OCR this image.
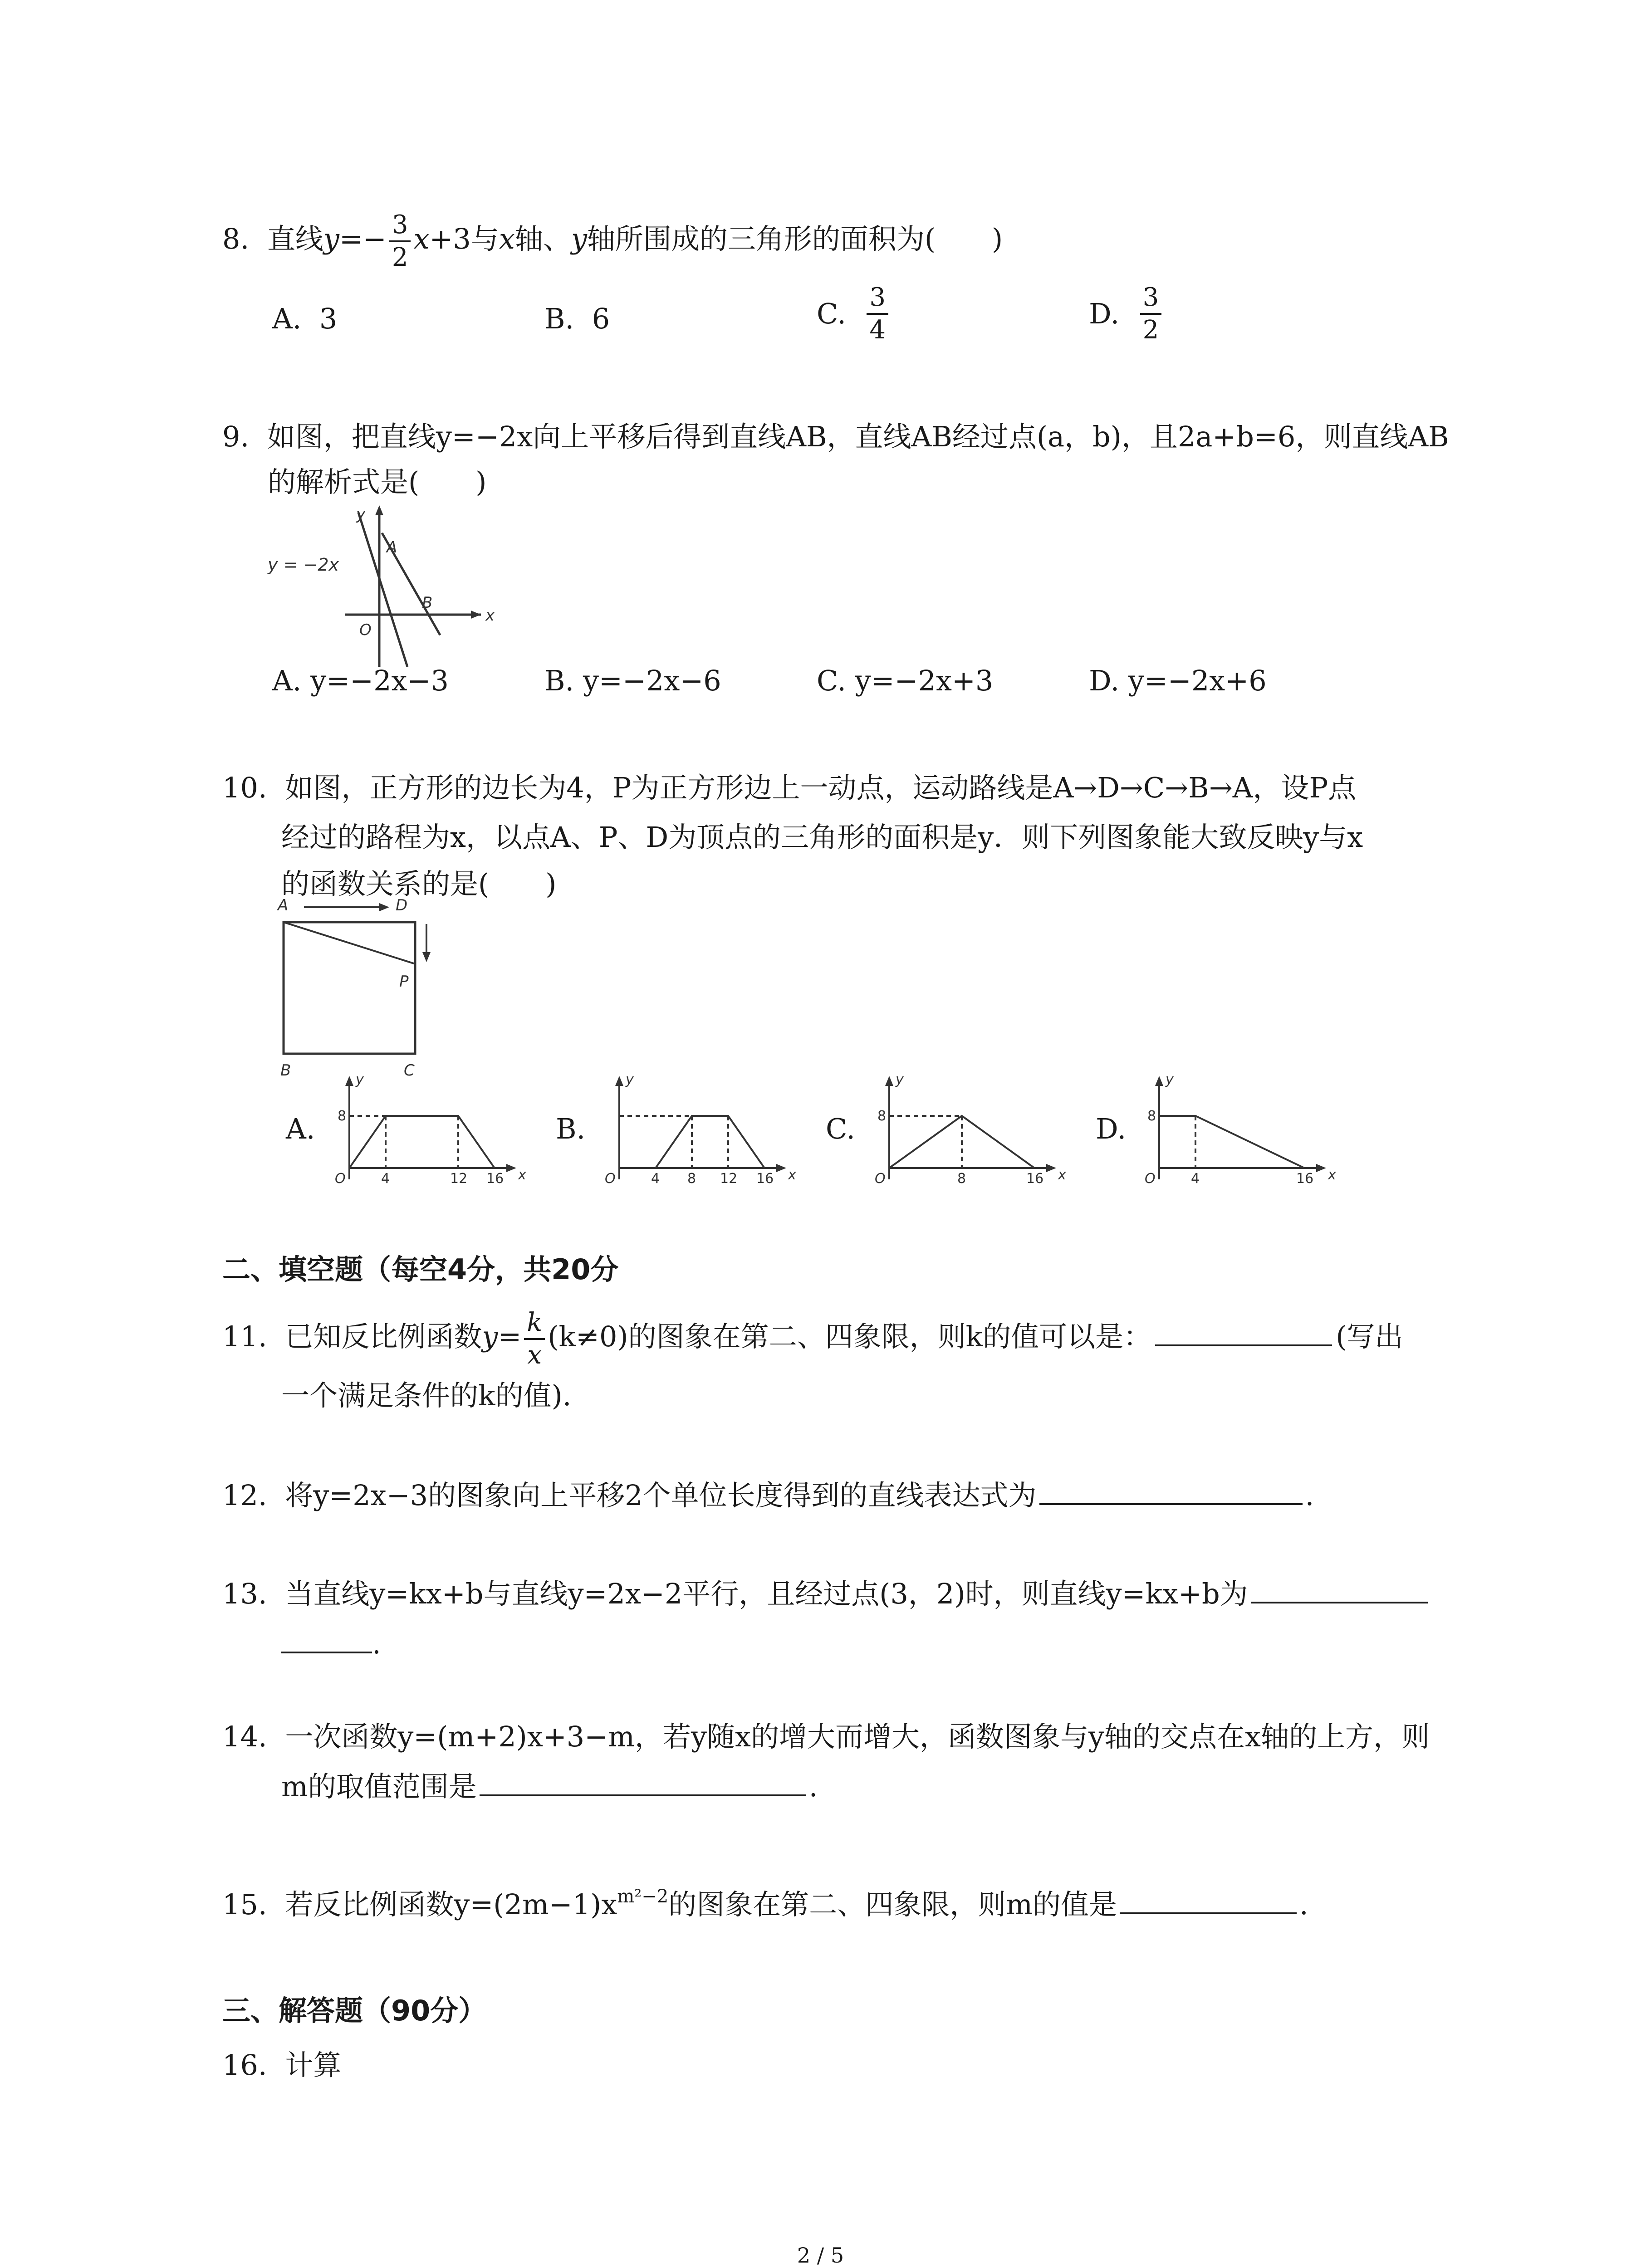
8. 直线$y=- \frac{3}{2} x+3$与x轴、y轴所围成的三角形的面积为(　　)
A. 3	B. 6	C. $\frac{3}{4}$	D. $\frac{3}{2}$
9. 如图，把直线y=−2x向上平移后得到直线AB，直线AB经过点(a，b)，且2a+b=6，则直线AB
的解析式是(　　)
y = −2x
y
x
O
A
B
A. y=−2x−3	B. y=−2x−6	C. y=−2x+3	D. y=−2x+6
10. 如图，正方形的边长为4，P为正方形边上一动点，运动路线是A→D→C→B→A，设P点
经过的路程为x，以点A、P、D为顶点的三角形的面积是y．则下列图象能大致反映y与x
的函数关系的是(　　)
A	D
P
B	C
A.
y
x
O
8
4	12 16
B.
y
x
O	4 8 12 16
C.
y
x
O
8
8	16
D.
y
x
O
8
4	16
二、填空题（每空4分，共20分
11. 已知反比例函数$y= \frac{k}{x} (k\ne 0)$的图象在第二、四象限，则k的值可以是：	(写出
一个满足条件的k的值).
12. 将y=2x−3的图象向上平移2个单位长度得到的直线表达式为	.
13. 当直线y=kx+b与直线y=2x−2平行，且经过点(3，2)时，则直线y=kx+b为
.
14. 一次函数y=(m+2)x+3−m，若y随x的增大而增大，函数图象与y轴的交点在x轴的上方，则
m的取值范围是	.
15. 若反比例函数$y=(2m-1)x^{m^2-2}$的图象在第二、四象限，则m的值是	.
三、解答题（90分）
16. 计算
2 / 5
